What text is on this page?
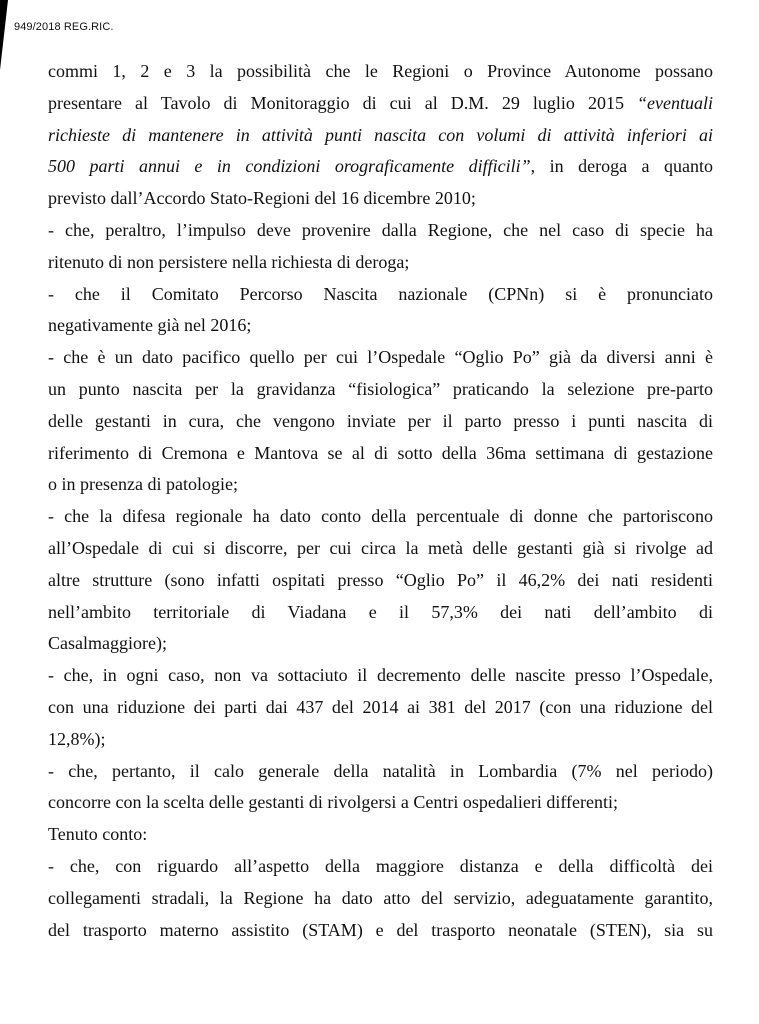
949/2018 REG.RIC.
commi 1, 2 e 3 la possibilità che le Regioni o Province Autonome possano
presentare al Tavolo di Monitoraggio di cui al D.M. 29 luglio 2015 “eventuali
richieste di mantenere in attività punti nascita con volumi di attività inferiori ai
500 parti annui e in condizioni orograficamente difficili”, in deroga a quanto
previsto dall’Accordo Stato-Regioni del 16 dicembre 2010;
- che, peraltro, l’impulso deve provenire dalla Regione, che nel caso di specie ha
ritenuto di non persistere nella richiesta di deroga;
- che il Comitato Percorso Nascita nazionale (CPNn) si è pronunciato
negativamente già nel 2016;
- che è un dato pacifico quello per cui l’Ospedale “Oglio Po” già da diversi anni è
un punto nascita per la gravidanza “fisiologica” praticando la selezione pre-parto
delle gestanti in cura, che vengono inviate per il parto presso i punti nascita di
riferimento di Cremona e Mantova se al di sotto della 36ma settimana di gestazione
o in presenza di patologie;
- che la difesa regionale ha dato conto della percentuale di donne che partoriscono
all’Ospedale di cui si discorre, per cui circa la metà delle gestanti già si rivolge ad
altre strutture (sono infatti ospitati presso “Oglio Po” il 46,2% dei nati residenti
nell’ambito territoriale di Viadana e il 57,3% dei nati dell’ambito di
Casalmaggiore);
- che, in ogni caso, non va sottaciuto il decremento delle nascite presso l’Ospedale,
con una riduzione dei parti dai 437 del 2014 ai 381 del 2017 (con una riduzione del
12,8%);
- che, pertanto, il calo generale della natalità in Lombardia (7% nel periodo)
concorre con la scelta delle gestanti di rivolgersi a Centri ospedalieri differenti;
Tenuto conto:
- che, con riguardo all’aspetto della maggiore distanza e della difficoltà dei
collegamenti stradali, la Regione ha dato atto del servizio, adeguatamente garantito,
del trasporto materno assistito (STAM) e del trasporto neonatale (STEN), sia su
